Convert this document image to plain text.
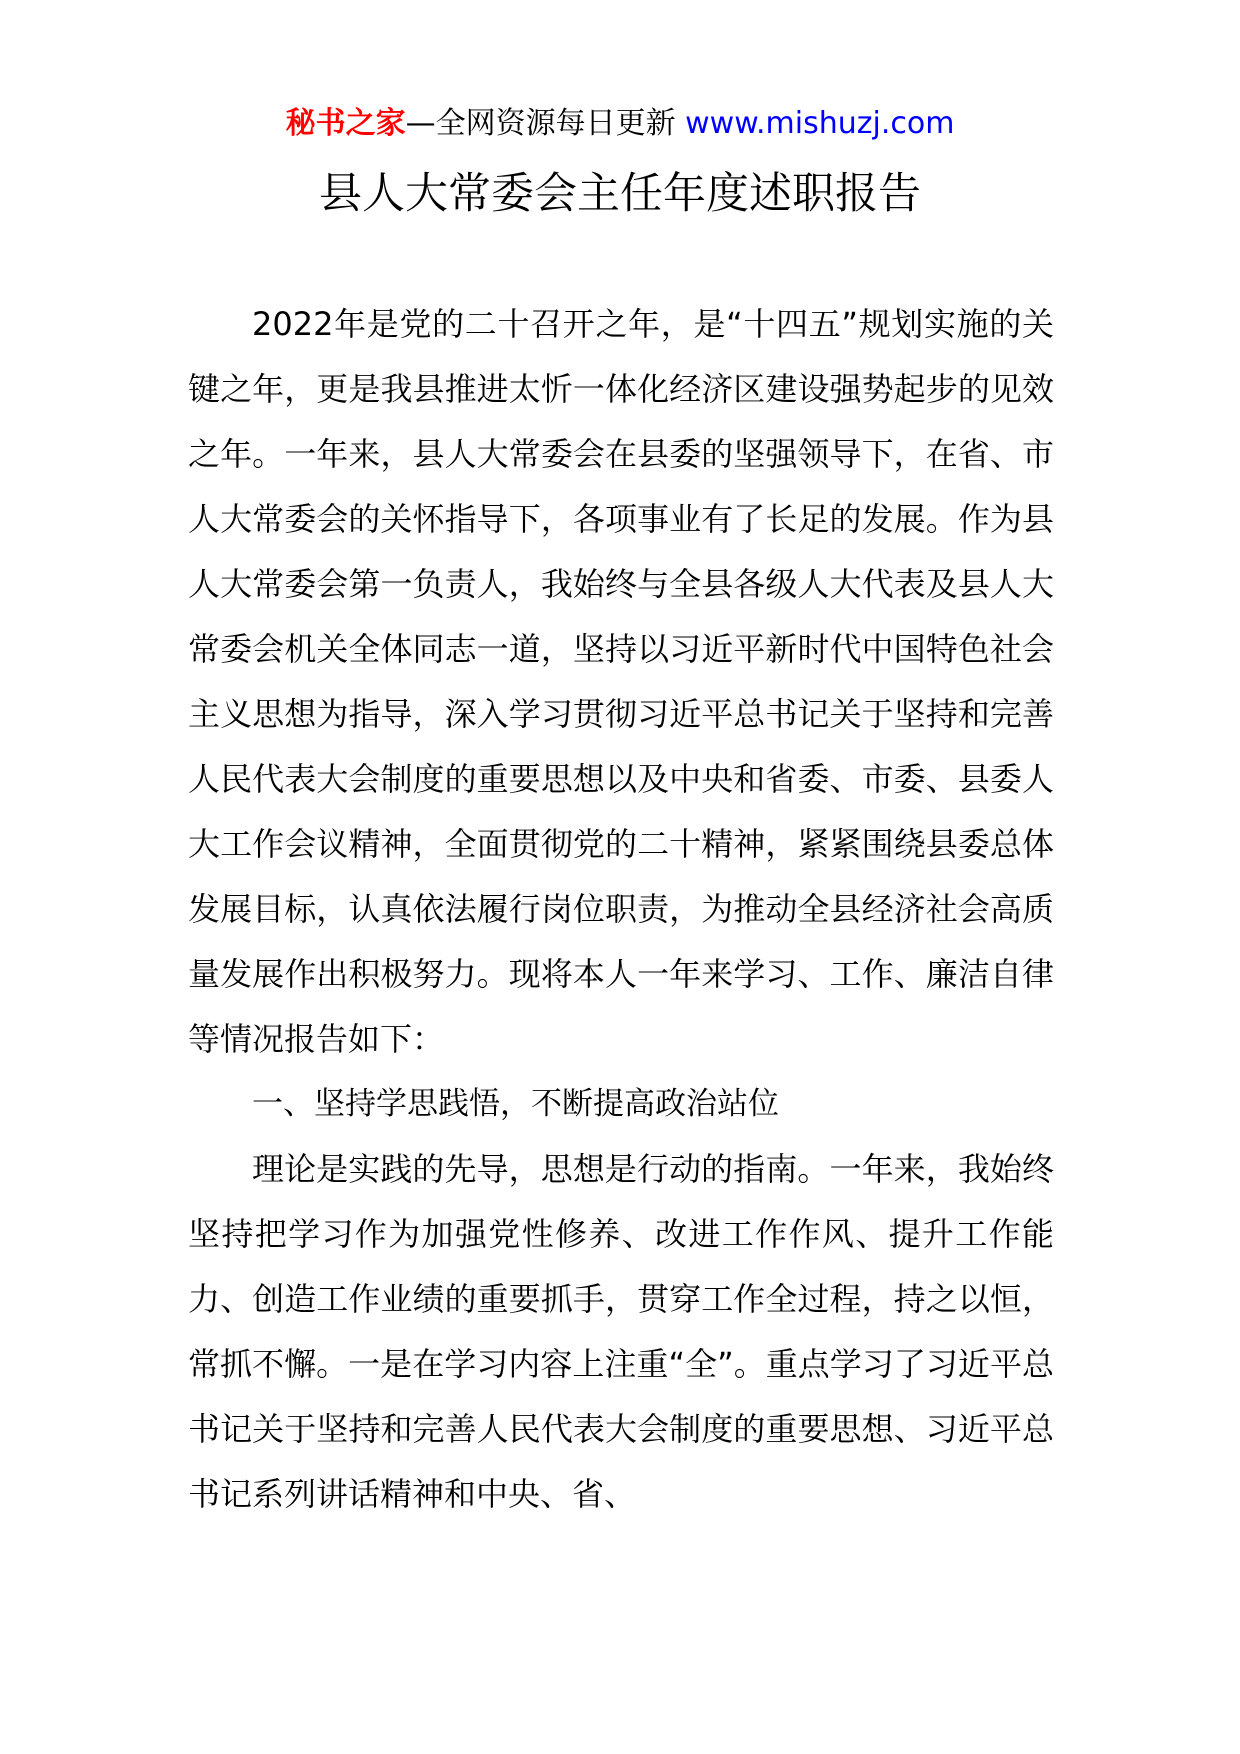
秘书之家—全网资源每日更新 www.mishuzj.com
县人大常委会主任年度述职报告

2022年是党的二十召开之年，是“十四五”规划实施的关键之年，更是我县推进太忻一体化经济区建设强势起步的见效之年。一年来，县人大常委会在县委的坚强领导下，在省、市人大常委会的关怀指导下，各项事业有了长足的发展。作为县人大常委会第一负责人，我始终与全县各级人大代表及县人大常委会机关全体同志一道，坚持以习近平新时代中国特色社会主义思想为指导，深入学习贯彻习近平总书记关于坚持和完善人民代表大会制度的重要思想以及中央和省委、市委、县委人大工作会议精神，全面贯彻党的二十精神，紧紧围绕县委总体发展目标，认真依法履行岗位职责，为推动全县经济社会高质量发展作出积极努力。现将本人一年来学习、工作、廉洁自律等情况报告如下：

一、坚持学思践悟，不断提高政治站位

理论是实践的先导，思想是行动的指南。一年来，我始终坚持把学习作为加强党性修养、改进工作作风、提升工作能力、创造工作业绩的重要抓手，贯穿工作全过程，持之以恒，常抓不懈。一是在学习内容上注重“全”。重点学习了习近平总书记关于坚持和完善人民代表大会制度的重要思想、习近平总书记系列讲话精神和中央、省、
